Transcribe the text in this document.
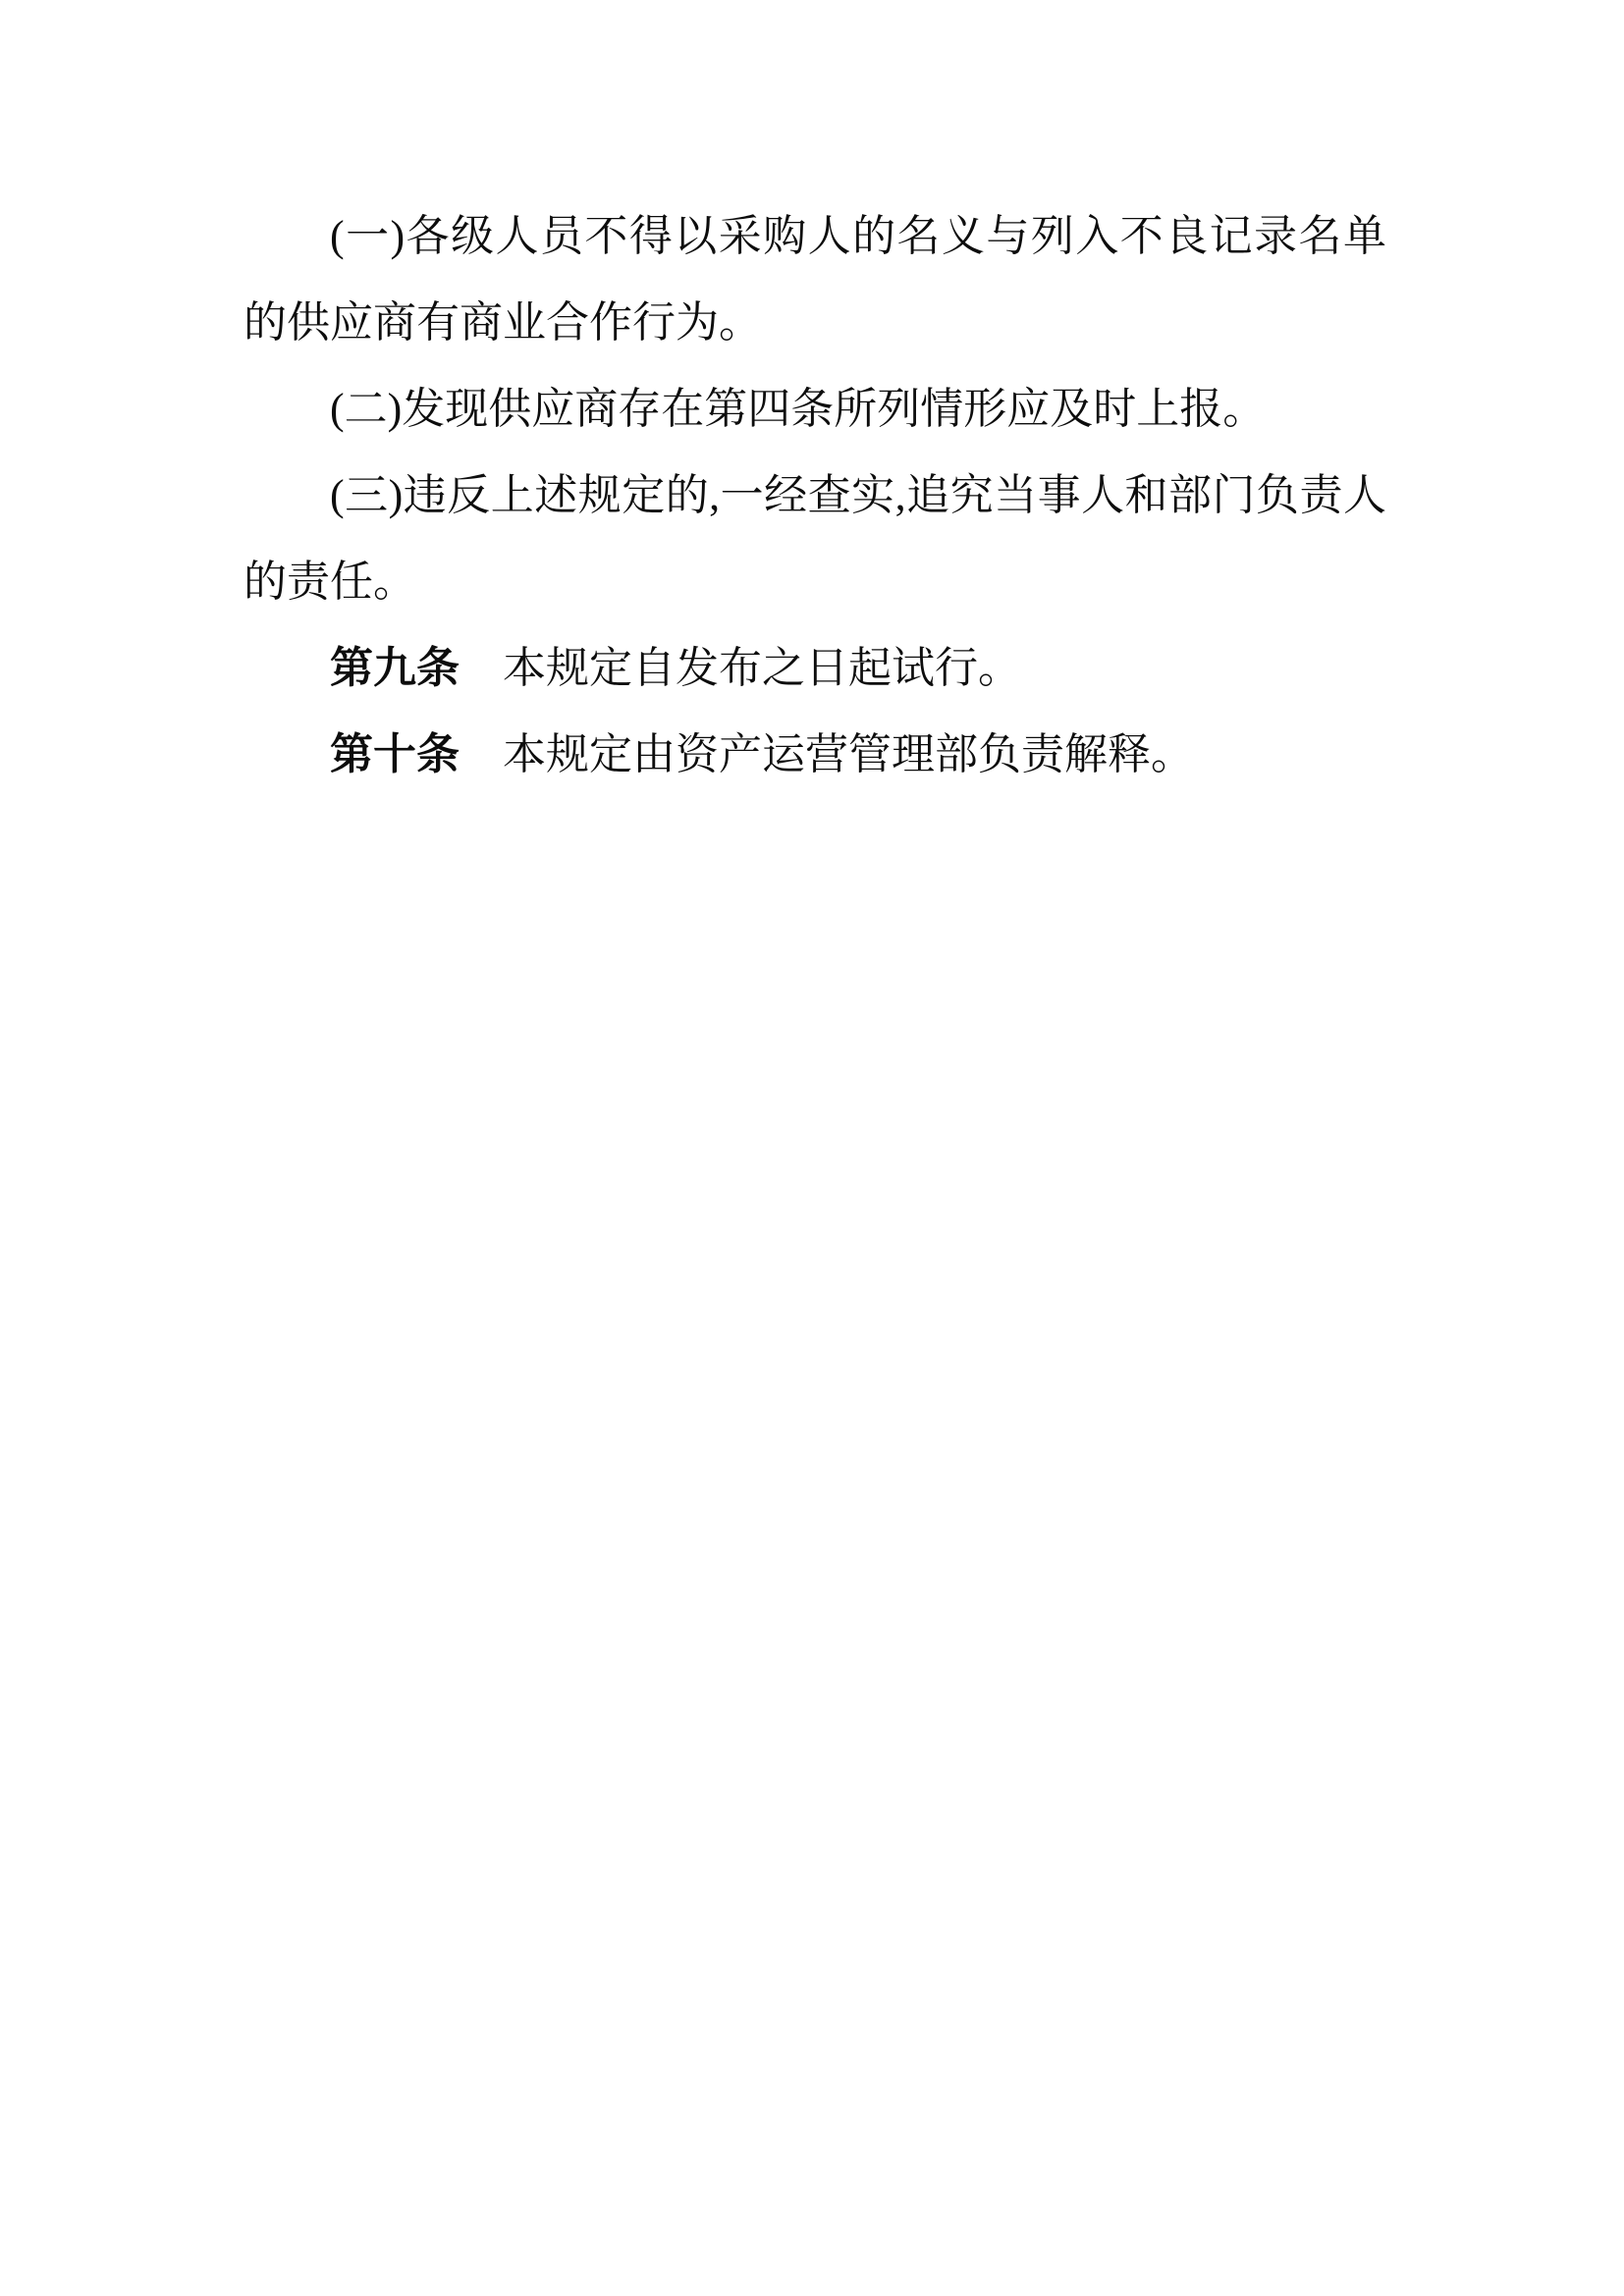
(一)各级人员不得以采购人的名义与列入不良记录名单的供应商有商业合作行为。

(二)发现供应商存在第四条所列情形应及时上报。

(三)违反上述规定的,一经查实,追究当事人和部门负责人的责任。

第九条　本规定自发布之日起试行。

第十条　本规定由资产运营管理部负责解释。
